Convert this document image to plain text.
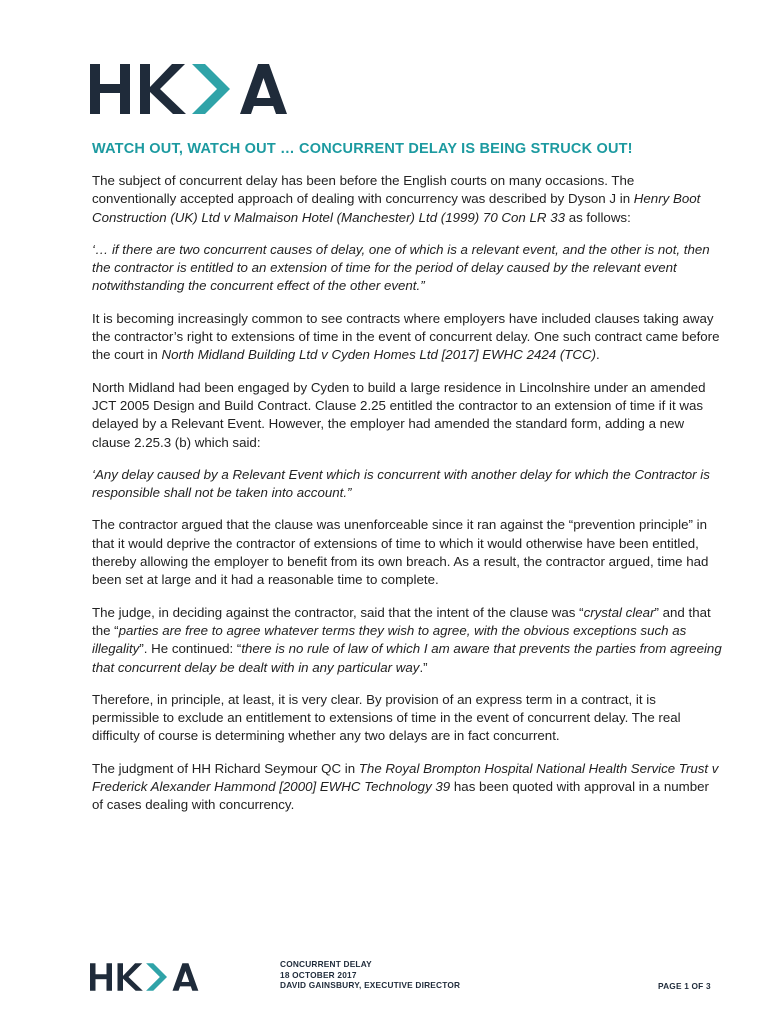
WATCH OUT, WATCH OUT … CONCURRENT DELAY IS BEING STRUCK OUT!

The subject of concurrent delay has been before the English courts on many occasions. The conventionally accepted approach of dealing with concurrency was described by Dyson J in Henry Boot Construction (UK) Ltd v Malmaison Hotel (Manchester) Ltd (1999) 70 Con LR 33 as follows:

‘… if there are two concurrent causes of delay, one of which is a relevant event, and the other is not, then the contractor is entitled to an extension of time for the period of delay caused by the relevant event notwithstanding the concurrent effect of the other event.”

It is becoming increasingly common to see contracts where employers have included clauses taking away the contractor’s right to extensions of time in the event of concurrent delay. One such contract came before the court in North Midland Building Ltd v Cyden Homes Ltd [2017] EWHC 2424 (TCC).

North Midland had been engaged by Cyden to build a large residence in Lincolnshire under an amended JCT 2005 Design and Build Contract. Clause 2.25 entitled the contractor to an extension of time if it was delayed by a Relevant Event. However, the employer had amended the standard form, adding a new clause 2.25.3 (b) which said:

‘Any delay caused by a Relevant Event which is concurrent with another delay for which the Contractor is responsible shall not be taken into account.”

The contractor argued that the clause was unenforceable since it ran against the “prevention principle” in that it would deprive the contractor of extensions of time to which it would otherwise have been entitled, thereby allowing the employer to benefit from its own breach. As a result, the contractor argued, time had been set at large and it had a reasonable time to complete.

The judge, in deciding against the contractor, said that the intent of the clause was “crystal clear” and that the “parties are free to agree whatever terms they wish to agree, with the obvious exceptions such as illegality”. He continued: “there is no rule of law of which I am aware that prevents the parties from agreeing that concurrent delay be dealt with in any particular way.”

Therefore, in principle, at least, it is very clear. By provision of an express term in a contract, it is permissible to exclude an entitlement to extensions of time in the event of concurrent delay. The real difficulty of course is determining whether any two delays are in fact concurrent.

The judgment of HH Richard Seymour QC in The Royal Brompton Hospital National Health Service Trust v Frederick Alexander Hammond [2000] EWHC Technology 39 has been quoted with approval in a number of cases dealing with concurrency.

CONCURRENT DELAY
18 OCTOBER 2017
DAVID GAINSBURY, EXECUTIVE DIRECTOR	PAGE 1 OF 3
